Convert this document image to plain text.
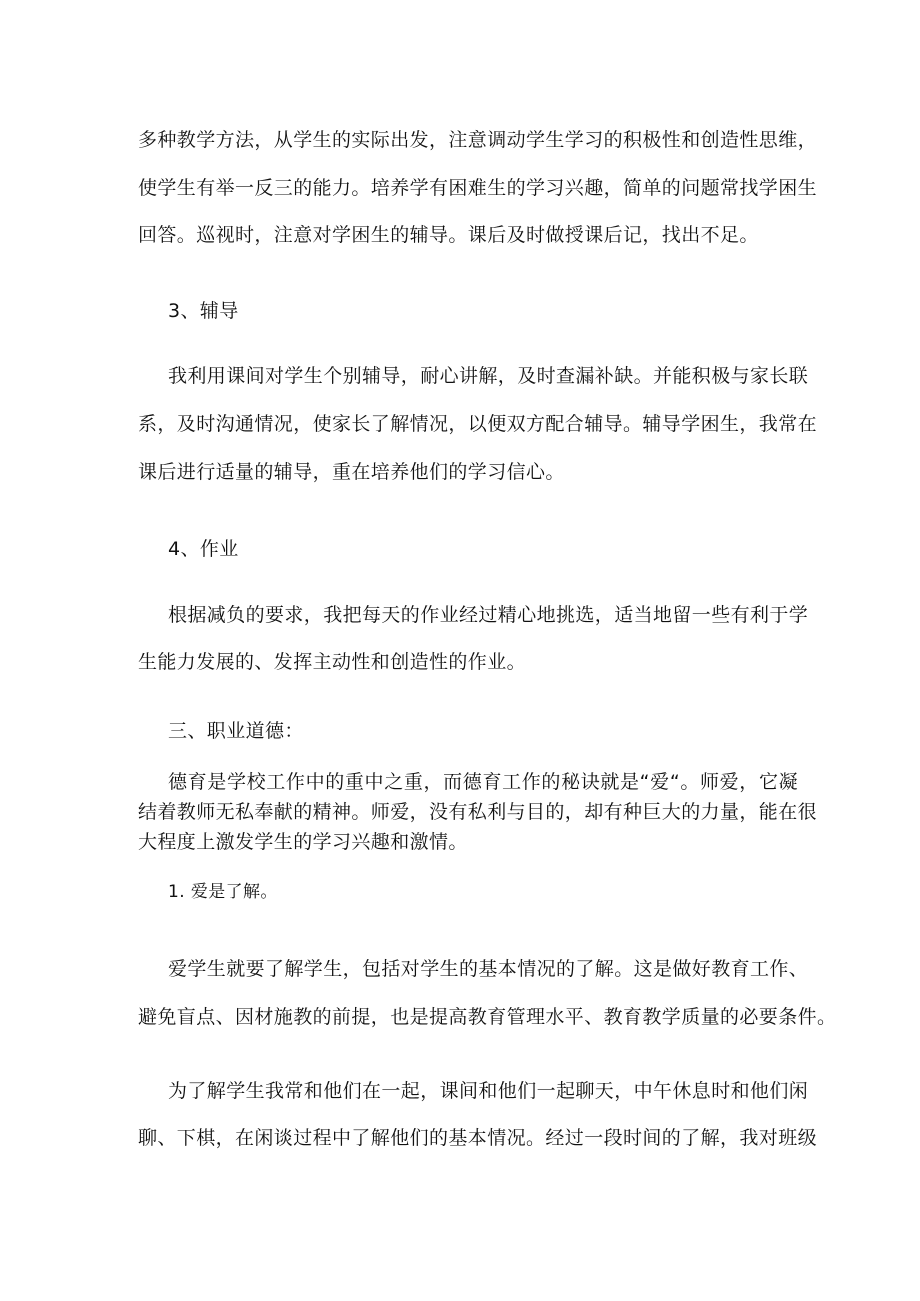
多种教学方法，从学生的实际出发，注意调动学生学习的积极性和创造性思维，
使学生有举一反三的能力。培养学有困难生的学习兴趣，简单的问题常找学困生
回答。巡视时，注意对学困生的辅导。课后及时做授课后记，找出不足。
3、辅导
我利用课间对学生个别辅导，耐心讲解，及时查漏补缺。并能积极与家长联
系，及时沟通情况，使家长了解情况，以便双方配合辅导。辅导学困生，我常在
课后进行适量的辅导，重在培养他们的学习信心。
4、作业
根据减负的要求，我把每天的作业经过精心地挑选，适当地留一些有利于学
生能力发展的、发挥主动性和创造性的作业。
三、职业道德：
德育是学校工作中的重中之重，而德育工作的秘诀就是“爱“。师爱，它凝
结着教师无私奉献的精神。师爱，没有私利与目的，却有种巨大的力量，能在很
大程度上激发学生的学习兴趣和激情。
1. 爱是了解。
爱学生就要了解学生，包括对学生的基本情况的了解。这是做好教育工作、
避免盲点、因材施教的前提，也是提高教育管理水平、教育教学质量的必要条件。
为了解学生我常和他们在一起，课间和他们一起聊天，中午休息时和他们闲
聊、下棋，在闲谈过程中了解他们的基本情况。经过一段时间的了解，我对班级
